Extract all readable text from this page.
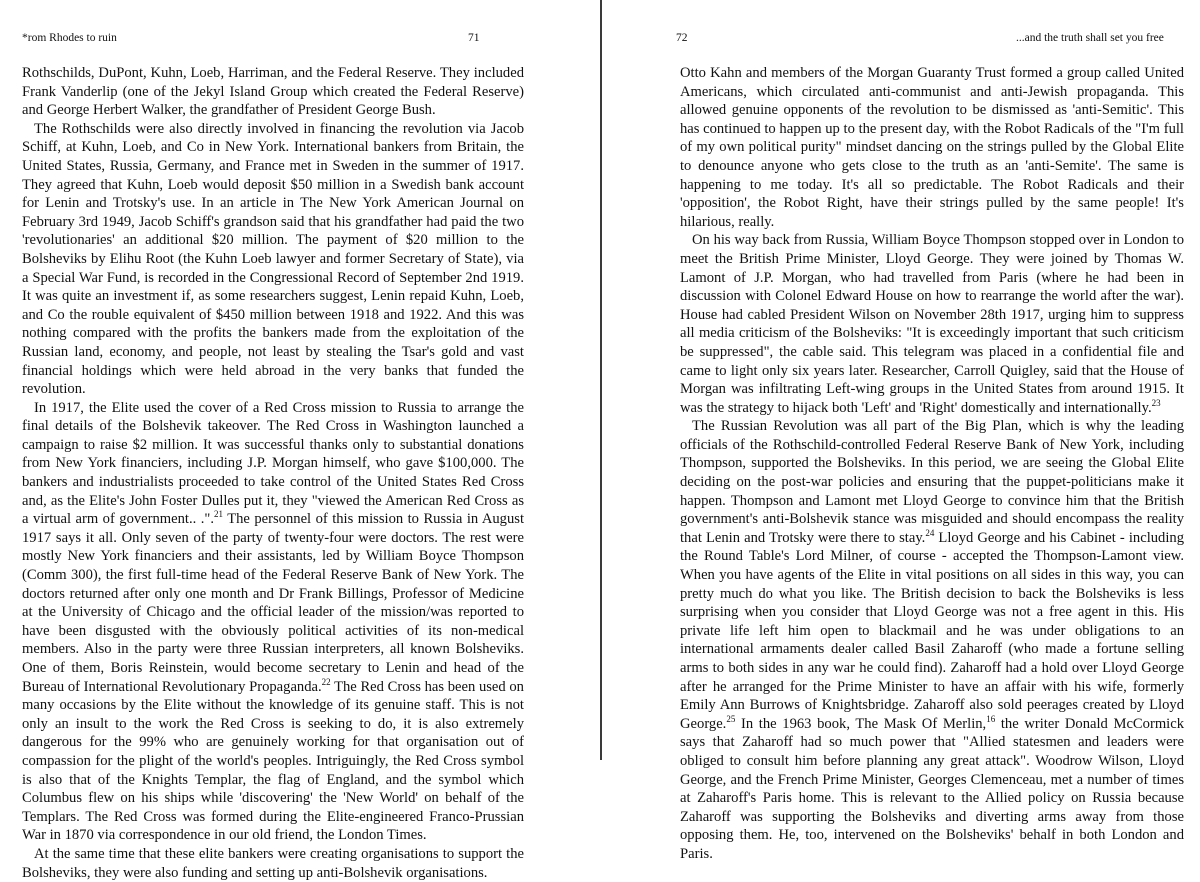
*rom Rhodes to ruin	71

Rothschilds, DuPont, Kuhn, Loeb, Harriman, and the Federal Reserve. They included Frank Vanderlip (one of the Jekyl Island Group which created the Federal Reserve) and George Herbert Walker, the grandfather of President George Bush.

The Rothschilds were also directly involved in financing the revolution via Jacob Schiff, at Kuhn, Loeb, and Co in New York. International bankers from Britain, the United States, Russia, Germany, and France met in Sweden in the summer of 1917. They agreed that Kuhn, Loeb would deposit $50 million in a Swedish bank account for Lenin and Trotsky's use. In an article in The New York American Journal on February 3rd 1949, Jacob Schiff's grandson said that his grandfather had paid the two 'revolutionaries' an additional $20 million. The payment of $20 million to the Bolsheviks by Elihu Root (the Kuhn Loeb lawyer and former Secretary of State), via a Special War Fund, is recorded in the Congressional Record of September 2nd 1919. It was quite an investment if, as some researchers suggest, Lenin repaid Kuhn, Loeb, and Co the rouble equivalent of $450 million between 1918 and 1922. And this was nothing compared with the profits the bankers made from the exploitation of the Russian land, economy, and people, not least by stealing the Tsar's gold and vast financial holdings which were held abroad in the very banks that funded the revolution.

In 1917, the Elite used the cover of a Red Cross mission to Russia to arrange the final details of the Bolshevik takeover. The Red Cross in Washington launched a campaign to raise $2 million. It was successful thanks only to substantial donations from New York financiers, including J.P. Morgan himself, who gave $100,000. The bankers and industrialists proceeded to take control of the United States Red Cross and, as the Elite's John Foster Dulles put it, they "viewed the American Red Cross as a virtual arm of government.. .".$^{21}$ The personnel of this mission to Russia in August 1917 says it all. Only seven of the party of twenty-four were doctors. The rest were mostly New York financiers and their assistants, led by William Boyce Thompson (Comm 300), the first full-time head of the Federal Reserve Bank of New York. The doctors returned after only one month and Dr Frank Billings, Professor of Medicine at the University of Chicago and the official leader of the mission/was reported to have been disgusted with the obviously political activities of its non-medical members. Also in the party were three Russian interpreters, all known Bolsheviks. One of them, Boris Reinstein, would become secretary to Lenin and head of the Bureau of International Revolutionary Propaganda.$^{22}$ The Red Cross has been used on many occasions by the Elite without the knowledge of its genuine staff. This is not only an insult to the work the Red Cross is seeking to do, it is also extremely dangerous for the 99% who are genuinely working for that organisation out of compassion for the plight of the world's peoples. Intriguingly, the Red Cross symbol is also that of the Knights Templar, the flag of England, and the symbol which Columbus flew on his ships while 'discovering' the 'New World' on behalf of the Templars. The Red Cross was formed during the Elite-engineered Franco-Prussian War in 1870 via correspondence in our old friend, the London Times.

At the same time that these elite bankers were creating organisations to support the Bolsheviks, they were also funding and setting up anti-Bolshevik organisations.

72	...and the truth shall set you free

Otto Kahn and members of the Morgan Guaranty Trust formed a group called United Americans, which circulated anti-communist and anti-Jewish propaganda. This allowed genuine opponents of the revolution to be dismissed as 'anti-Semitic'. This has continued to happen up to the present day, with the Robot Radicals of the "I'm full of my own political purity" mindset dancing on the strings pulled by the Global Elite to denounce anyone who gets close to the truth as an 'anti-Semite'. The same is happening to me today. It's all so predictable. The Robot Radicals and their 'opposition', the Robot Right, have their strings pulled by the same people! It's hilarious, really.

On his way back from Russia, William Boyce Thompson stopped over in London to meet the British Prime Minister, Lloyd George. They were joined by Thomas W. Lamont of J.P. Morgan, who had travelled from Paris (where he had been in discussion with Colonel Edward House on how to rearrange the world after the war). House had cabled President Wilson on November 28th 1917, urging him to suppress all media criticism of the Bolsheviks: "It is exceedingly important that such criticism be suppressed", the cable said. This telegram was placed in a confidential file and came to light only six years later. Researcher, Carroll Quigley, said that the House of Morgan was infiltrating Left-wing groups in the United States from around 1915. It was the strategy to hijack both 'Left' and 'Right' domestically and internationally.$^{23}$

The Russian Revolution was all part of the Big Plan, which is why the leading officials of the Rothschild-controlled Federal Reserve Bank of New York, including Thompson, supported the Bolsheviks. In this period, we are seeing the Global Elite deciding on the post-war policies and ensuring that the puppet-politicians make it happen. Thompson and Lamont met Lloyd George to convince him that the British government's anti-Bolshevik stance was misguided and should encompass the reality that Lenin and Trotsky were there to stay.$^{24}$ Lloyd George and his Cabinet - including the Round Table's Lord Milner, of course - accepted the Thompson-Lamont view. When you have agents of the Elite in vital positions on all sides in this way, you can pretty much do what you like. The British decision to back the Bolsheviks is less surprising when you consider that Lloyd George was not a free agent in this. His private life left him open to blackmail and he was under obligations to an international armaments dealer called Basil Zaharoff (who made a fortune selling arms to both sides in any war he could find). Zaharoff had a hold over Lloyd George after he arranged for the Prime Minister to have an affair with his wife, formerly Emily Ann Burrows of Knightsbridge. Zaharoff also sold peerages created by Lloyd George.$^{25}$ In the 1963 book, The Mask Of Merlin,$^{16}$ the writer Donald McCormick says that Zaharoff had so much power that "Allied statesmen and leaders were obliged to consult him before planning any great attack". Woodrow Wilson, Lloyd George, and the French Prime Minister, Georges Clemenceau, met a number of times at Zaharoff's Paris home. This is relevant to the Allied policy on Russia because Zaharoff was supporting the Bolsheviks and diverting arms away from those opposing them. He, too, intervened on the Bolsheviks' behalf in both London and Paris.
